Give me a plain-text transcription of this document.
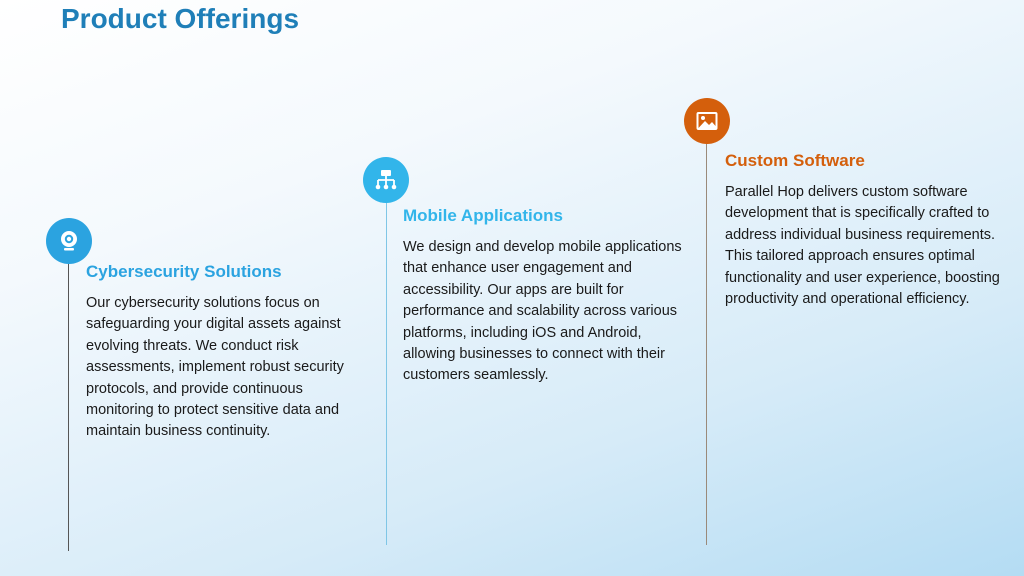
Product Offerings
Cybersecurity Solutions

Our cybersecurity solutions focus on safeguarding your digital assets against evolving threats. We conduct risk assessments, implement robust security protocols, and provide continuous monitoring to protect sensitive data and maintain business continuity.

Mobile Applications

We design and develop mobile applications that enhance user engagement and accessibility. Our apps are built for performance and scalability across various platforms, including iOS and Android, allowing businesses to connect with their customers seamlessly.

Custom Software

Parallel Hop delivers custom software development that is specifically crafted to address individual business requirements. This tailored approach ensures optimal functionality and user experience, boosting productivity and operational efficiency.
